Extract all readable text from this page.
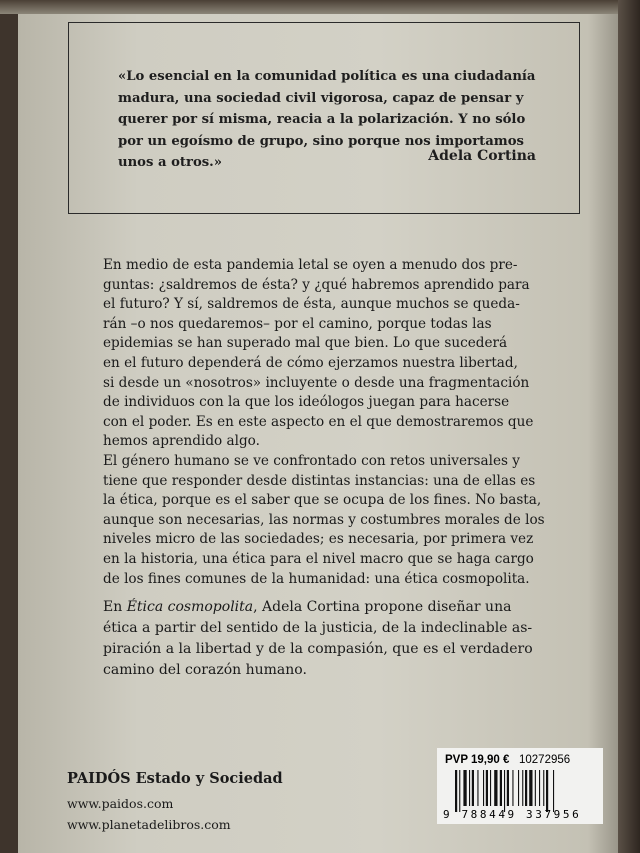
«Lo esencial en la comunidad política es una ciudadanía
madura, una sociedad civil vigorosa, capaz de pensar y
querer por sí misma, reacia a la polarización. Y no sólo
por un egoísmo de grupo, sino porque nos importamos
unos a otros.»	Adela Cortina
En medio de esta pandemia letal se oyen a menudo dos pre-
guntas: ¿saldremos de ésta? y ¿qué habremos aprendido para
el futuro? Y sí, saldremos de ésta, aunque muchos se queda-
rán –o nos quedaremos– por el camino, porque todas las
epidemias se han superado mal que bien. Lo que sucederá
en el futuro dependerá de cómo ejerzamos nuestra libertad,
si desde un «nosotros» incluyente o desde una fragmentación
de individuos con la que los ideólogos juegan para hacerse
con el poder. Es en este aspecto en el que demostraremos que
hemos aprendido algo.
El género humano se ve confrontado con retos universales y
tiene que responder desde distintas instancias: una de ellas es
la ética, porque es el saber que se ocupa de los fines. No basta,
aunque son necesarias, las normas y costumbres morales de los
niveles micro de las sociedades; es necesaria, por primera vez
en la historia, una ética para el nivel macro que se haga cargo
de los fines comunes de la humanidad: una ética cosmopolita.
En Ética cosmopolita, Adela Cortina propone diseñar una
ética a partir del sentido de la justicia, de la indeclinable as-
piración a la libertad y de la compasión, que es el verdadero
camino del corazón humano.
PAIDÓS Estado y Sociedad
www.paidos.com
www.planetadelibros.com
PVP 19,90 € 10272956
9 788449 337956
